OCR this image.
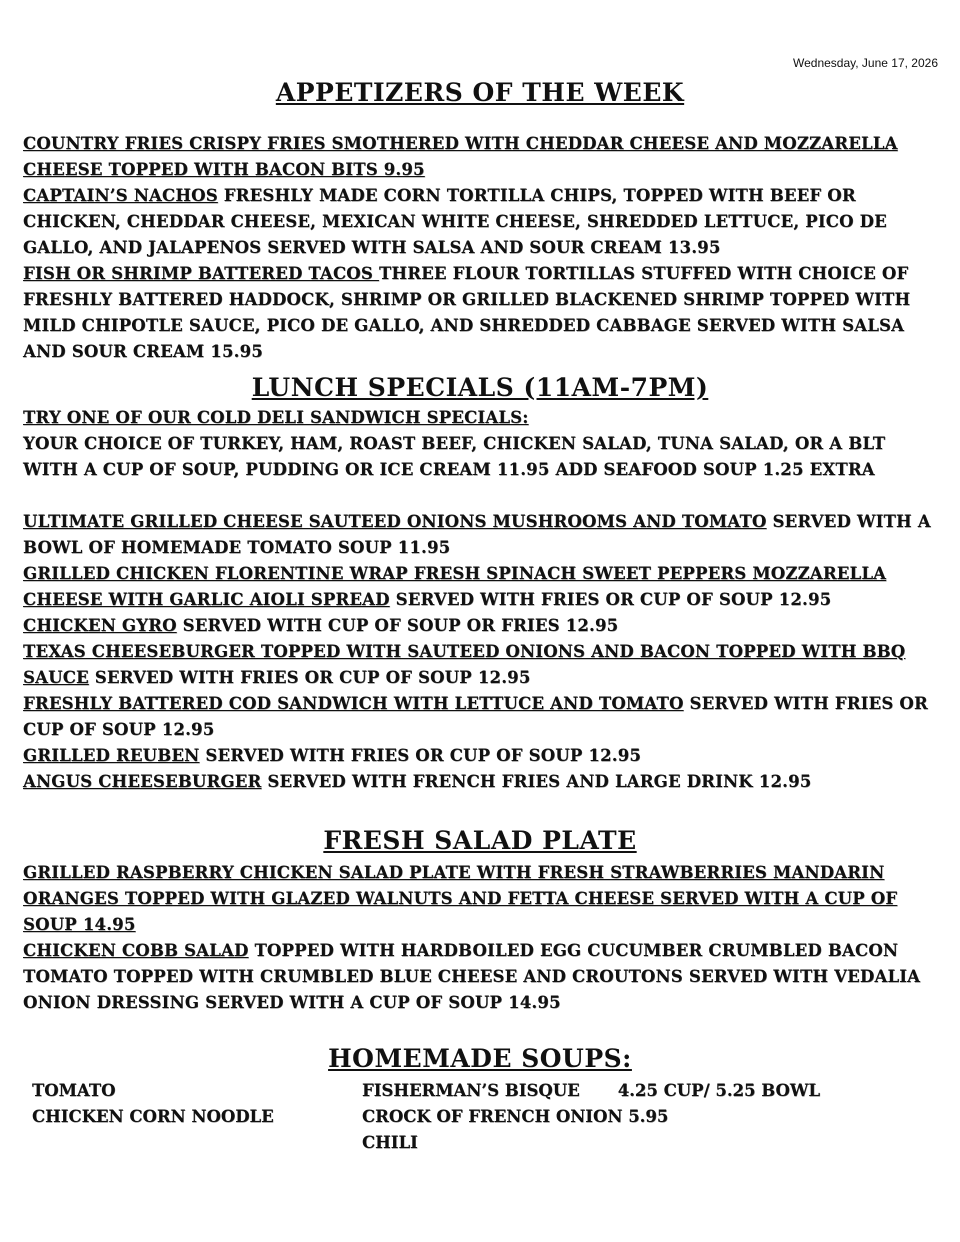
Wednesday, June 17, 2026
APPETIZERS OF THE WEEK

COUNTRY FRIES CRISPY FRIES SMOTHERED WITH CHEDDAR CHEESE AND MOZZARELLA CHEESE TOPPED WITH BACON BITS 9.95

CAPTAIN’S NACHOS FRESHLY MADE CORN TORTILLA CHIPS, TOPPED WITH BEEF OR CHICKEN, CHEDDAR CHEESE, MEXICAN WHITE CHEESE, SHREDDED LETTUCE, PICO DE GALLO, AND JALAPENOS SERVED WITH SALSA AND SOUR CREAM 13.95

FISH OR SHRIMP BATTERED TACOS THREE FLOUR TORTILLAS STUFFED WITH CHOICE OF FRESHLY BATTERED HADDOCK, SHRIMP OR GRILLED BLACKENED SHRIMP TOPPED WITH MILD CHIPOTLE SAUCE, PICO DE GALLO, AND SHREDDED CABBAGE SERVED WITH SALSA AND SOUR CREAM 15.95

LUNCH SPECIALS (11AM-7PM)

TRY ONE OF OUR COLD DELI SANDWICH SPECIALS:

YOUR CHOICE OF TURKEY, HAM, ROAST BEEF, CHICKEN SALAD, TUNA SALAD, OR A BLT WITH A CUP OF SOUP, PUDDING OR ICE CREAM 11.95 ADD SEAFOOD SOUP 1.25 EXTRA

ULTIMATE GRILLED CHEESE SAUTEED ONIONS MUSHROOMS AND TOMATO SERVED WITH A BOWL OF HOMEMADE TOMATO SOUP 11.95

GRILLED CHICKEN FLORENTINE WRAP FRESH SPINACH SWEET PEPPERS MOZZARELLA CHEESE WITH GARLIC AIOLI SPREAD SERVED WITH FRIES OR CUP OF SOUP 12.95

CHICKEN GYRO SERVED WITH CUP OF SOUP OR FRIES 12.95

TEXAS CHEESEBURGER TOPPED WITH SAUTEED ONIONS AND BACON TOPPED WITH BBQ SAUCE SERVED WITH FRIES OR CUP OF SOUP 12.95

FRESHLY BATTERED COD SANDWICH WITH LETTUCE AND TOMATO SERVED WITH FRIES OR CUP OF SOUP 12.95

GRILLED REUBEN SERVED WITH FRIES OR CUP OF SOUP 12.95

ANGUS CHEESEBURGER SERVED WITH FRENCH FRIES AND LARGE DRINK 12.95

FRESH SALAD PLATE

GRILLED RASPBERRY CHICKEN SALAD PLATE WITH FRESH STRAWBERRIES MANDARIN ORANGES TOPPED WITH GLAZED WALNUTS AND FETTA CHEESE SERVED WITH A CUP OF SOUP 14.95

CHICKEN COBB SALAD TOPPED WITH HARDBOILED EGG CUCUMBER CRUMBLED BACON TOMATO TOPPED WITH CRUMBLED BLUE CHEESE AND CROUTONS SERVED WITH VEDALIA ONION DRESSING SERVED WITH A CUP OF SOUP 14.95

HOMEMADE SOUPS:
TOMATO
CHICKEN CORN NOODLE
FISHERMAN’S BISQUE 4.25 CUP/ 5.25 BOWL
CROCK OF FRENCH ONION 5.95
CHILI
